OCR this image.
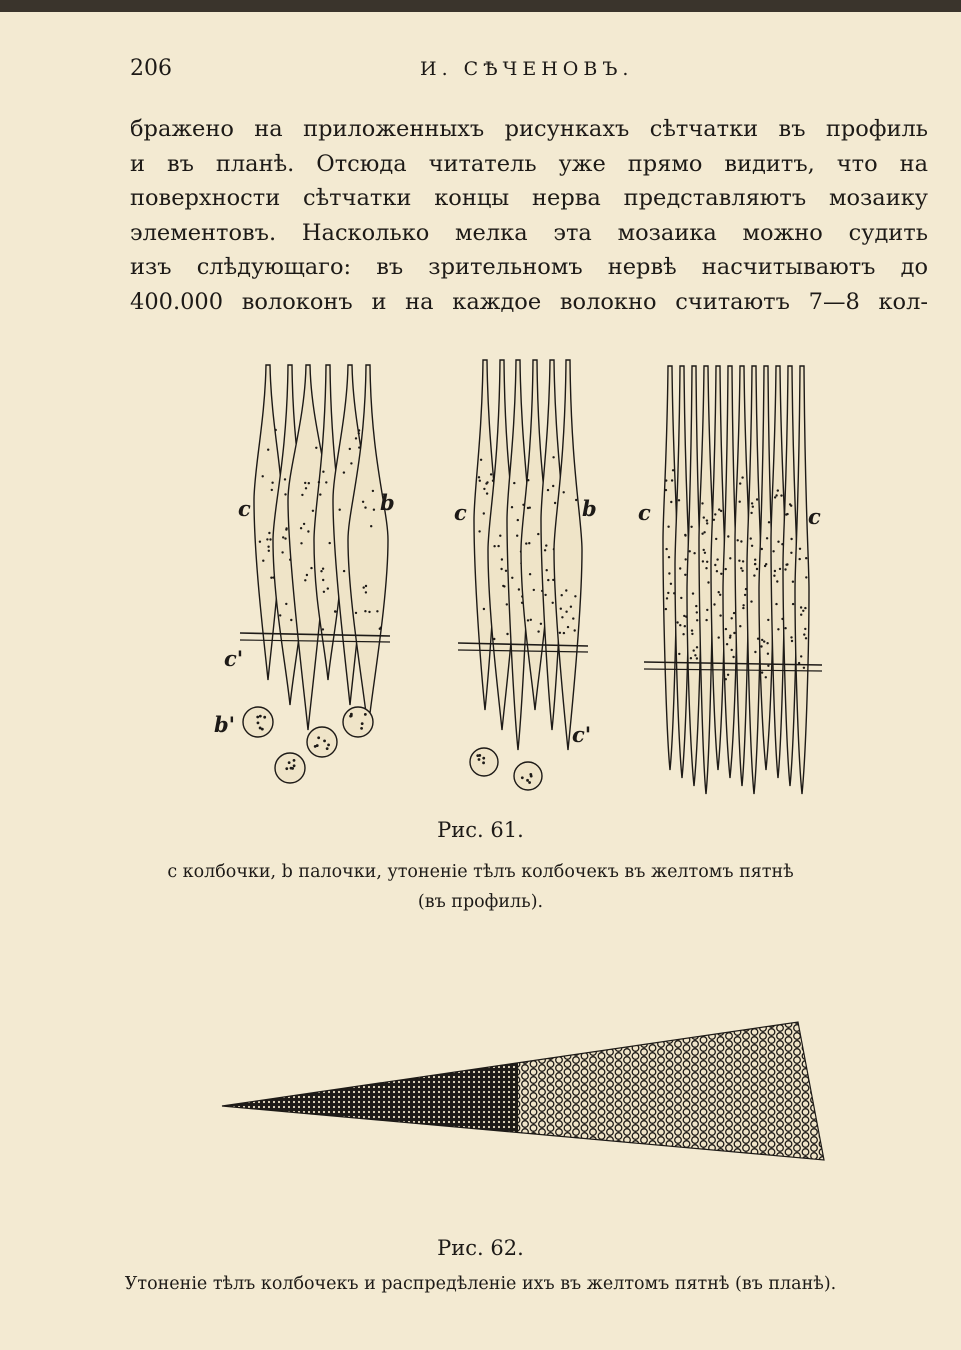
206	И. СѢЧЕНОВЪ.
бражено на приложенныхъ рисункахъ сѣтчатки въ профиль
и въ планѣ. Отсюда читатель уже прямо видитъ, что на
поверхности сѣтчатки концы нерва представляютъ мозаику
элементовъ. Насколько мелка эта мозаика можно судить
изъ слѣдующаго: въ зрительномъ нервѣ насчитываютъ до
400.000 волоконъ и на каждое волокно считаютъ 7—8 кол-
c	b
c'
b'
c	b
c'
c	c
Рис. 61.
c колбочки, b палочки, утоненіе тѣлъ колбочекъ въ желтомъ пятнѣ
(въ профиль).
Рис. 62.
Утоненіе тѣлъ колбочекъ и распредѣленіе ихъ въ желтомъ пятнѣ (въ планѣ).
